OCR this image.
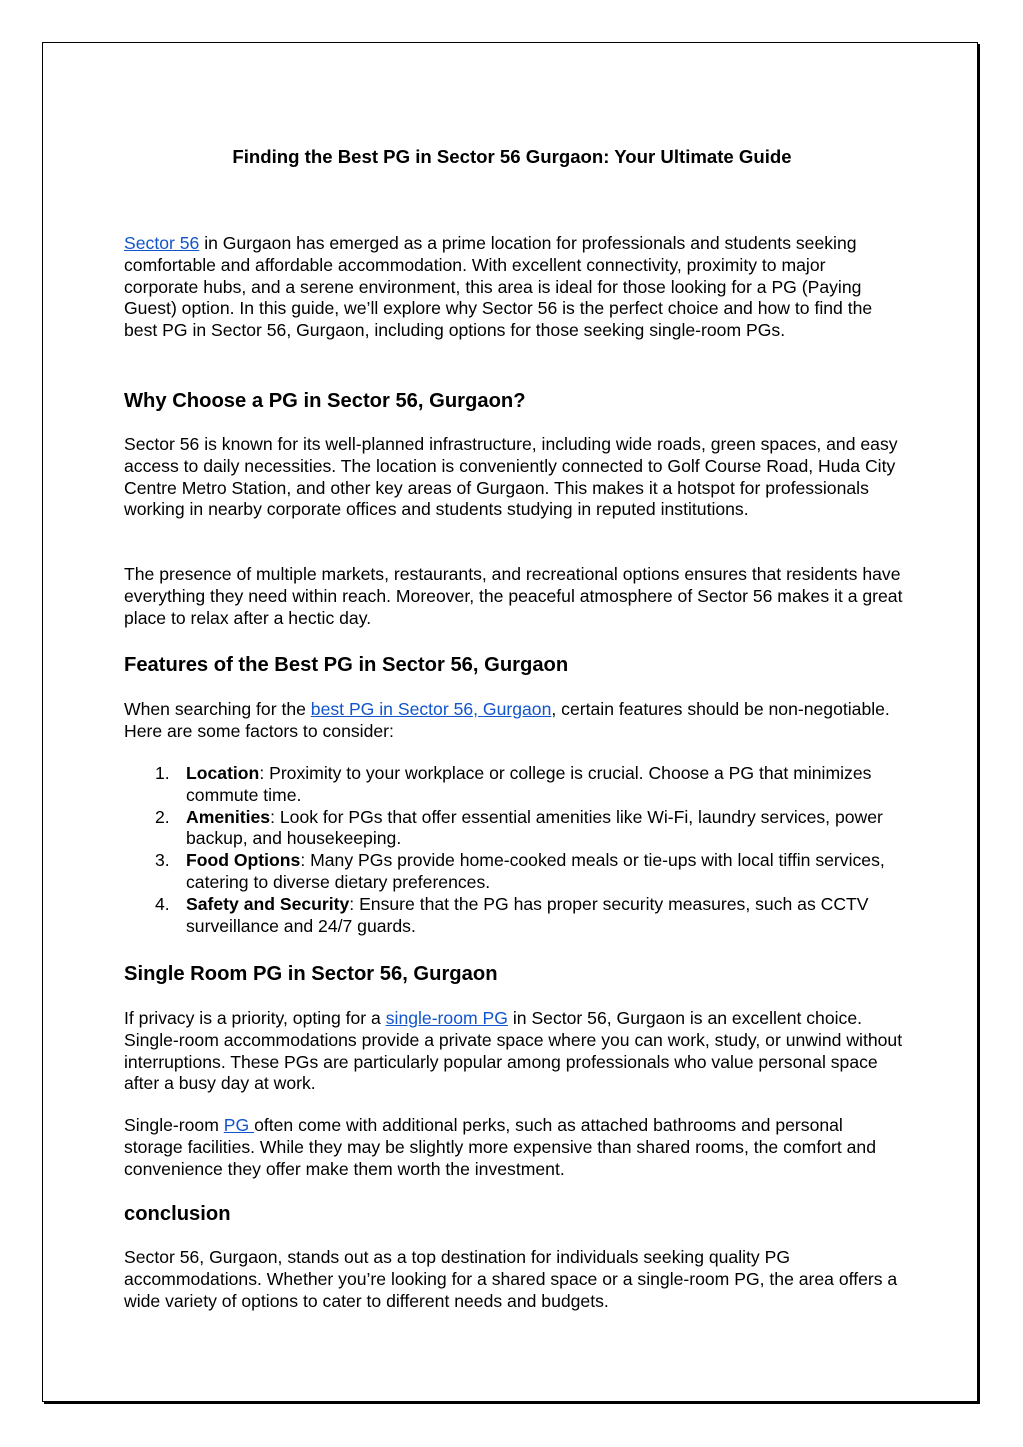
Finding the Best PG in Sector 56 Gurgaon: Your Ultimate Guide

Sector 56 in Gurgaon has emerged as a prime location for professionals and students seeking comfortable and affordable accommodation. With excellent connectivity, proximity to major corporate hubs, and a serene environment, this area is ideal for those looking for a PG (Paying Guest) option. In this guide, we’ll explore why Sector 56 is the perfect choice and how to find the best PG in Sector 56, Gurgaon, including options for those seeking single-room PGs.

Why Choose a PG in Sector 56, Gurgaon?

Sector 56 is known for its well-planned infrastructure, including wide roads, green spaces, and easy access to daily necessities. The location is conveniently connected to Golf Course Road, Huda City Centre Metro Station, and other key areas of Gurgaon. This makes it a hotspot for professionals working in nearby corporate offices and students studying in reputed institutions.

The presence of multiple markets, restaurants, and recreational options ensures that residents have everything they need within reach. Moreover, the peaceful atmosphere of Sector 56 makes it a great place to relax after a hectic day.

Features of the Best PG in Sector 56, Gurgaon

When searching for the best PG in Sector 56, Gurgaon, certain features should be non-negotiable. Here are some factors to consider:

Location: Proximity to your workplace or college is crucial. Choose a PG that minimizes commute time.
Amenities: Look for PGs that offer essential amenities like Wi-Fi, laundry services, power backup, and housekeeping.
Food Options: Many PGs provide home-cooked meals or tie-ups with local tiffin services, catering to diverse dietary preferences.
Safety and Security: Ensure that the PG has proper security measures, such as CCTV surveillance and 24/7 guards.
Single Room PG in Sector 56, Gurgaon

If privacy is a priority, opting for a single-room PG in Sector 56, Gurgaon is an excellent choice. Single-room accommodations provide a private space where you can work, study, or unwind without interruptions. These PGs are particularly popular among professionals who value personal space after a busy day at work.

Single-room PG often come with additional perks, such as attached bathrooms and personal storage facilities. While they may be slightly more expensive than shared rooms, the comfort and convenience they offer make them worth the investment.

conclusion

Sector 56, Gurgaon, stands out as a top destination for individuals seeking quality PG accommodations. Whether you’re looking for a shared space or a single-room PG, the area offers a wide variety of options to cater to different needs and budgets.
